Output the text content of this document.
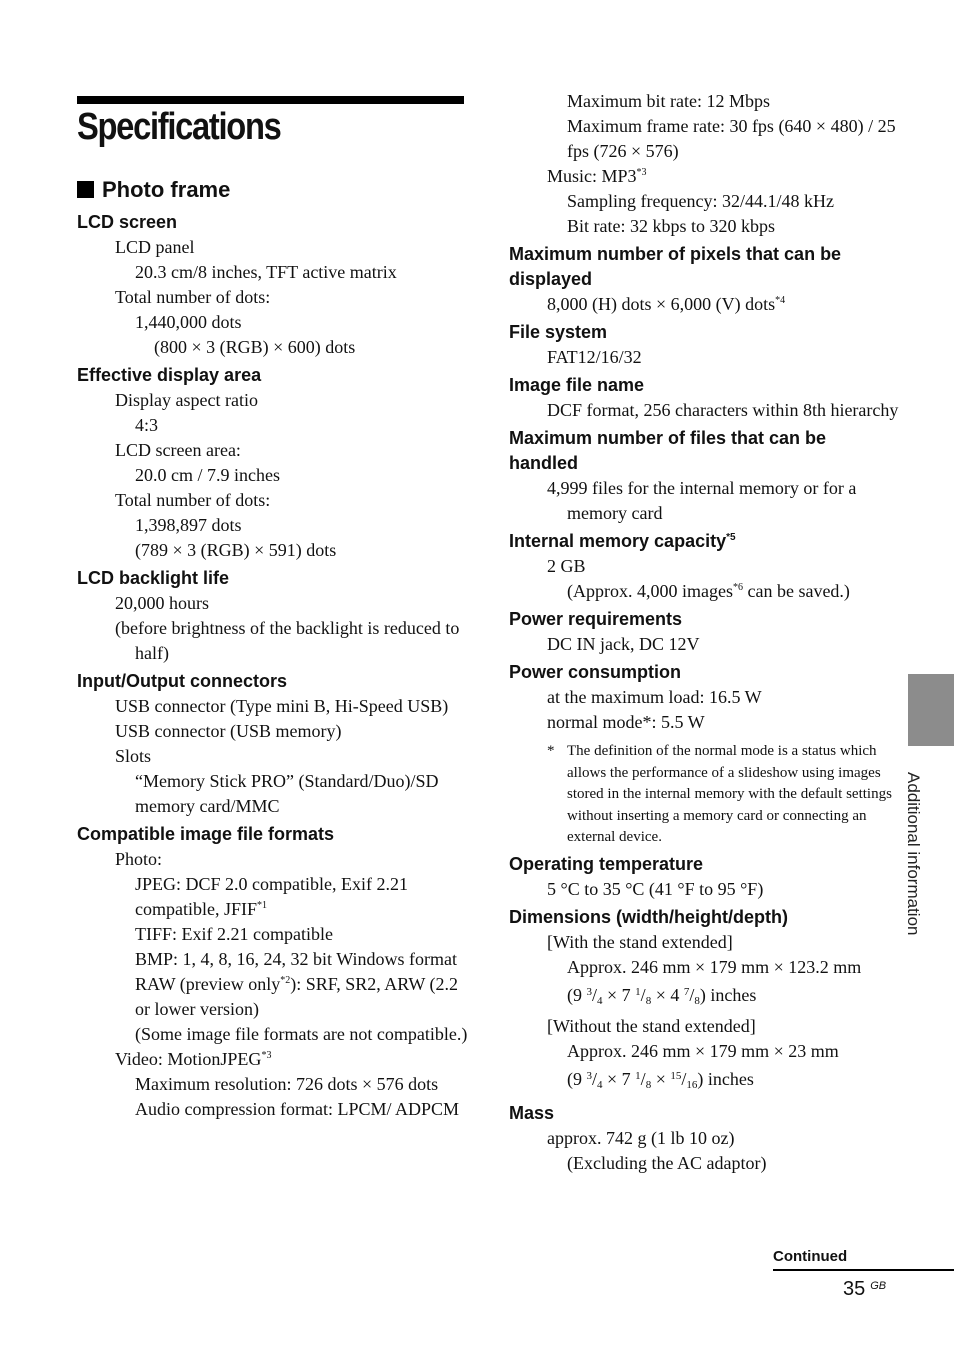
Specifications
Photo frame
LCD screen
LCD panel
20.3 cm/8 inches, TFT active matrix
Total number of dots:
1,440,000 dots
(800 × 3 (RGB) × 600) dots
Effective display area
Display aspect ratio
4:3
LCD screen area:
20.0 cm / 7.9 inches
Total number of dots:
1,398,897 dots
(789 × 3 (RGB) × 591) dots
LCD backlight life
20,000 hours
(before brightness of the backlight is reduced to half)
Input/Output connectors
USB connector (Type mini B, Hi-Speed USB)
USB connector (USB memory)
Slots
“Memory Stick PRO” (Standard/Duo)/SD memory card/MMC
Compatible image file formats
Photo:
JPEG: DCF 2.0 compatible, Exif 2.21 compatible, JFIF$^{*1}$
TIFF: Exif 2.21 compatible
BMP: 1, 4, 8, 16, 24, 32 bit Windows format
RAW (preview only$^{*2}$): SRF, SR2, ARW (2.2 or lower version)
(Some image file formats are not compatible.)
Video: MotionJPEG$^{*3}$
Maximum resolution: 726 dots × 576 dots
Audio compression format: LPCM/ ADPCM
Maximum bit rate: 12 Mbps
Maximum frame rate: 30 fps (640 × 480) / 25 fps (726 × 576)
Music: MP3$^{*3}$
Sampling frequency: 32/44.1/48 kHz
Bit rate: 32 kbps to 320 kbps
Maximum number of pixels that can be displayed
8,000 (H) dots × 6,000 (V) dots$^{*4}$
File system
FAT12/16/32
Image file name
DCF format, 256 characters within 8th hierarchy
Maximum number of files that can be handled
4,999 files for the internal memory or for a memory card
Internal memory capacity$^{*5}$
2 GB
(Approx. 4,000 images$^{*6}$ can be saved.)
Power requirements
DC IN jack, DC 12V
Power consumption
at the maximum load: 16.5 W
normal mode*: 5.5 W
* The definition of the normal mode is a status which allows the performance of a slideshow using images stored in the internal memory with the default settings without inserting a memory card or connecting an external device.
Operating temperature
5 °C to 35 °C (41 °F to 95 °F)
Dimensions (width/height/depth)
[With the stand extended]
Approx. 246 mm × 179 mm × 123.2 mm
(9 $^3/_4 \times 7$ $^1/_8 \times 4$ $^7/_8$) inches
[Without the stand extended]
Approx. 246 mm × 179 mm × 23 mm
(9 $^3/_4 \times 7$ $^1/_8 \times ^{15}/_{16}$) inches
Mass
approx. 742 g (1 lb 10 oz)
(Excluding the AC adaptor)
Additional information
Continued
35 $^{GB}$
